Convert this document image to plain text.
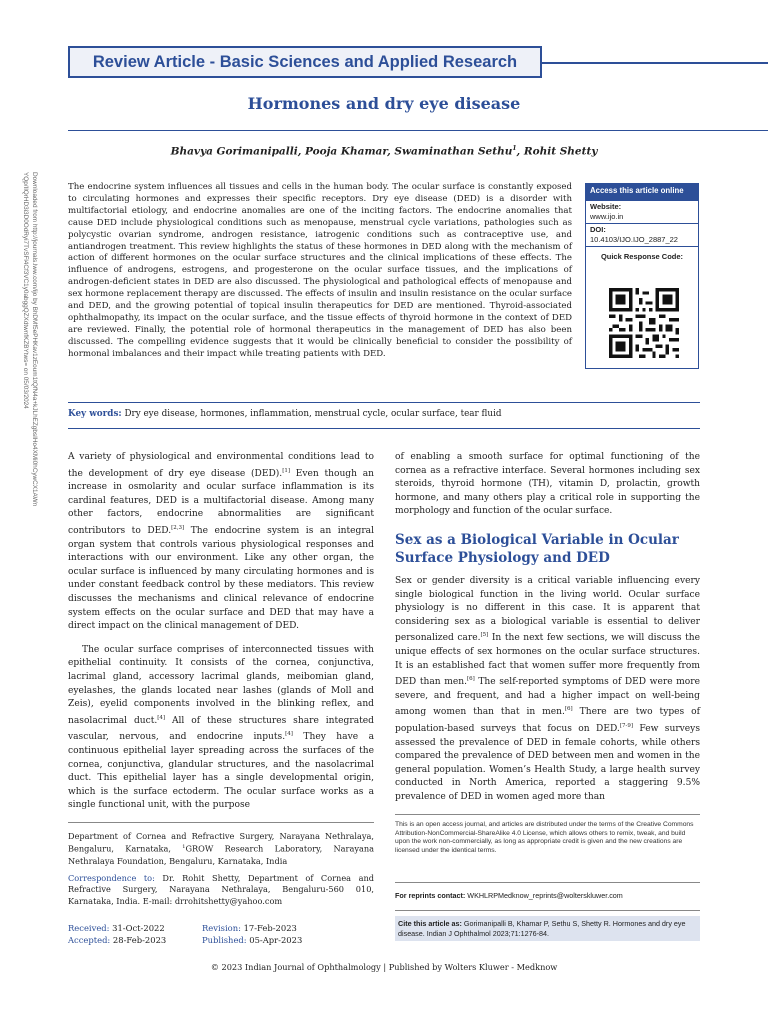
Review Article - Basic Sciences and Applied Research
Hormones and dry eye disease
Bhavya Gorimanipalli, Pooja Khamar, Swaminathan Sethu$^1$, Rohit Shetty
Downloaded from http://journals.lww.com/ijo by BhDMf5ePHKav1zEoum1tQfN4a+kJLhEZgbsIHo4XMi0hCywCX1AWn
YQp/IlQrHD3i3D0OdRyi7TvSFl4Cf3VC1y0abggQZXdtwnfKZBYtws= on 05/03/2024

The endocrine system influences all tissues and cells in the human body. The ocular surface is constantly exposed to circulating hormones and expresses their specific receptors. Dry eye disease (DED) is a disorder with multifactorial etiology, and endocrine anomalies are one of the inciting factors. The endocrine anomalies that cause DED include physiological conditions such as menopause, menstrual cycle variations, pathologies such as polycystic ovarian syndrome, androgen resistance, iatrogenic conditions such as contraceptive use, and antiandrogen treatment. This review highlights the status of these hormones in DED along with the mechanism of action of different hormones on the ocular surface structures and the clinical implications of these effects. The influence of androgens, estrogens, and progesterone on the ocular surface tissues, and the implications of androgen-deficient states in DED are also discussed. The physiological and pathological effects of menopause and sex hormone replacement therapy are discussed. The effects of insulin and insulin resistance on the ocular surface and DED, and the growing potential of topical insulin therapeutics for DED are mentioned. Thyroid-associated ophthalmopathy, its impact on the ocular surface, and the tissue effects of thyroid hormone in the context of DED are reviewed. Finally, the potential role of hormonal therapeutics in the management of DED has also been discussed. The compelling evidence suggests that it would be clinically beneficial to consider the possibility of hormonal imbalances and their impact while treating patients with DED.

Access this article online
Website:
www.ijo.in
DOI:
10.4103/IJO.IJO_2887_22
Quick Response Code:
Key words: Dry eye disease, hormones, inflammation, menstrual cycle, ocular surface, tear fluid

A variety of physiological and environmental conditions lead to the development of dry eye disease (DED).[1] Even though an increase in osmolarity and ocular surface inflammation is its cardinal features, DED is a multifactorial disease. Among many other factors, endocrine abnormalities are significant contributors to DED.[2,3] The endocrine system is an integral organ system that controls various physiological responses and interactions with our environment. Like any other organ, the ocular surface is influenced by many circulating hormones and is under constant feedback control by these mediators. This review discusses the mechanisms and clinical relevance of endocrine system effects on the ocular surface and DED that may have a direct impact on the clinical management of DED.

The ocular surface comprises of interconnected tissues with epithelial continuity. It consists of the cornea, conjunctiva, lacrimal gland, accessory lacrimal glands, meibomian gland, eyelashes, the glands located near lashes (glands of Moll and Zeis), eyelid components involved in the blinking reflex, and nasolacrimal duct.[4] All of these structures share integrated vascular, nervous, and endocrine inputs.[4] They have a continuous epithelial layer spreading across the surfaces of the cornea, conjunctiva, glandular structures, and the nasolacrimal duct. This epithelial layer has a single developmental origin, which is the surface ectoderm. The ocular surface works as a single functional unit, with the purpose

of enabling a smooth surface for optimal functioning of the cornea as a refractive interface. Several hormones including sex steroids, thyroid hormone (TH), vitamin D, prolactin, growth hormone, and many others play a critical role in supporting the morphology and function of the ocular surface.

Sex as a Biological Variable in Ocular Surface Physiology and DED

Sex or gender diversity is a critical variable influencing every single biological function in the living world. Ocular surface physiology is no different in this case. It is apparent that considering sex as a biological variable is essential to deliver personalized care.[5] In the next few sections, we will discuss the unique effects of sex hormones on the ocular surface structures. It is an established fact that women suffer more frequently from DED than men.[6] The self-reported symptoms of DED were more severe, and frequent, and had a higher impact on well-being among women than that in men.[6] There are two types of population-based surveys that focus on DED.[7-9] Few surveys assessed the prevalence of DED in female cohorts, while others compared the prevalence of DED between men and women in the general population. Women’s Health Study, a large health survey conducted in North America, reported a staggering 9.5% prevalence of DED in women aged more than

Department of Cornea and Refractive Surgery, Narayana Nethralaya, Bengaluru, Karnataka, $^1$GROW Research Laboratory, Narayana Nethralaya Foundation, Bengaluru, Karnataka, India
Correspondence to: Dr. Rohit Shetty, Department of Cornea and Refractive Surgery, Narayana Nethralaya, Bengaluru-560 010, Karnataka, India. E-mail: drrohitshetty@yahoo.com
Received: 31-Oct-2022	Revision: 17-Feb-2023
Accepted: 28-Feb-2023	Published: 05-Apr-2023
This is an open access journal, and articles are distributed under the terms of the Creative Commons Attribution-NonCommercial-ShareAlike 4.0 License, which allows others to remix, tweak, and build upon the work non-commercially, as long as appropriate credit is given and the new creations are licensed under the identical terms.
For reprints contact: WKHLRPMedknow_reprints@wolterskluwer.com
Cite this article as: Gorimanipalli B, Khamar P, Sethu S, Shetty R. Hormones and dry eye disease. Indian J Ophthalmol 2023;71:1276-84.
© 2023 Indian Journal of Ophthalmology | Published by Wolters Kluwer - Medknow
